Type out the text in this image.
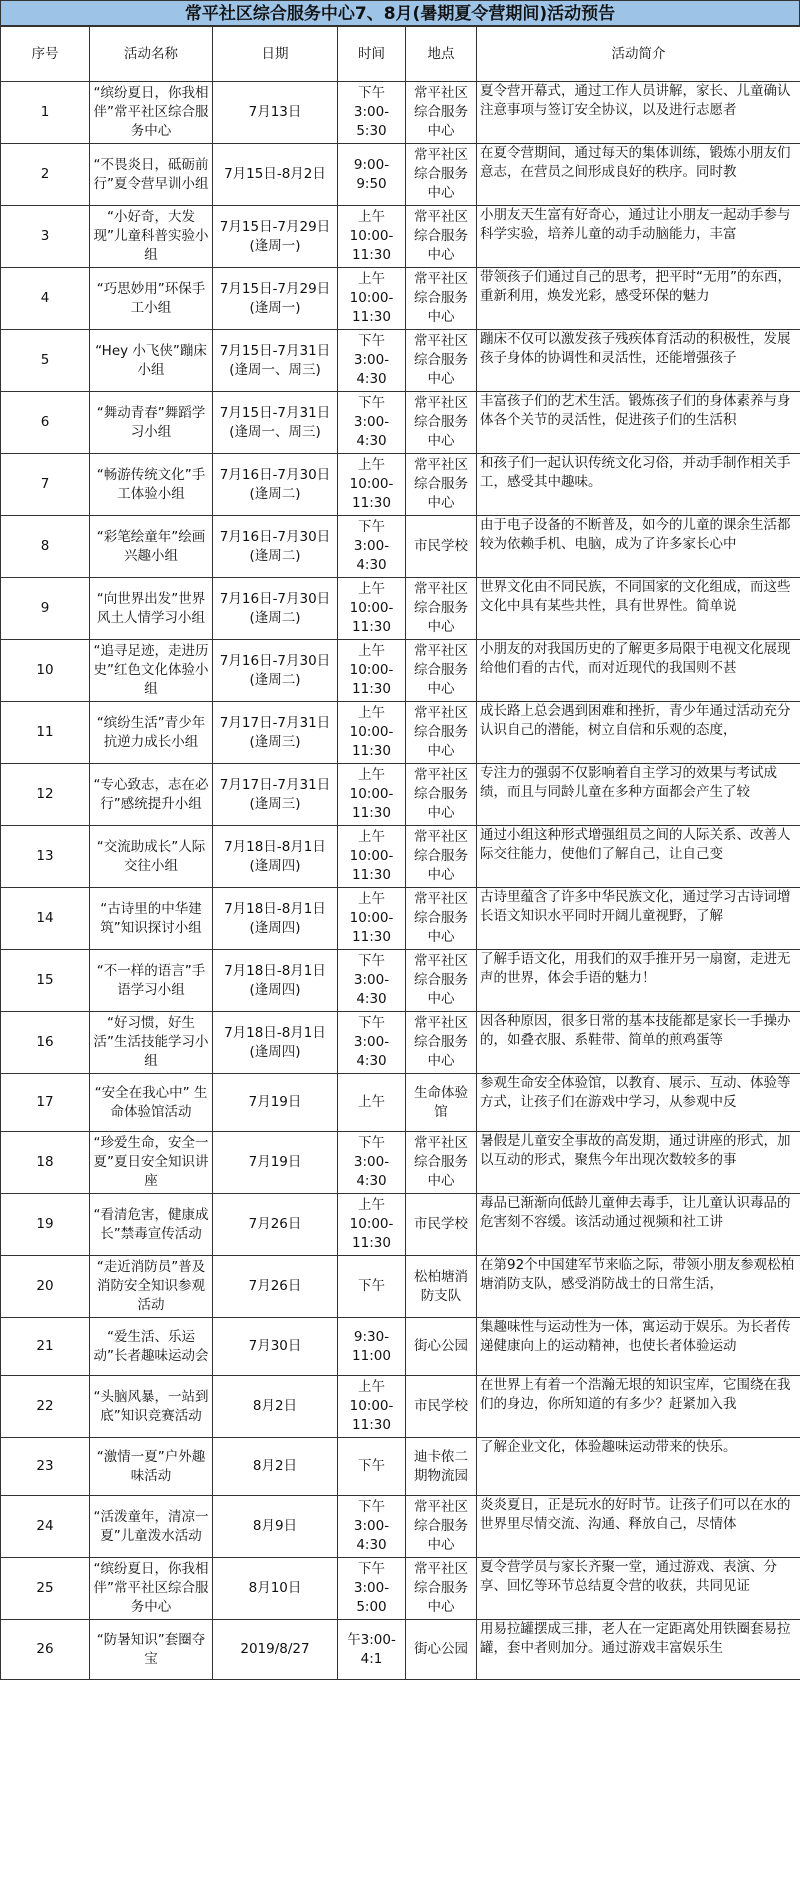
常平社区综合服务中心7、8月(暑期夏令营期间)活动预告
序号	活动名称	日期	时间	地点	活动简介
1	“缤纷夏日，你我相伴”常平社区综合服务中心	7月13日	下午3:00-5:30	常平社区综合服务中心	夏令营开幕式，通过工作人员讲解，家长、儿童确认注意事项与签订安全协议，以及进行志愿者

2	“不畏炎日，砥砺前行”夏令营早训小组	7月15日-8月2日	9:00-9:50	常平社区综合服务中心	在夏令营期间，通过每天的集体训练，锻炼小朋友们意志，在营员之间形成良好的秩序。同时教

3	“小好奇，大发现”儿童科普实验小组	7月15日-7月29日(逢周一)	上午10:00-11:30	常平社区综合服务中心	小朋友天生富有好奇心，通过让小朋友一起动手参与科学实验，培养儿童的动手动脑能力，丰富

4	“巧思妙用”环保手工小组	7月15日-7月29日(逢周一)	上午10:00-11:30	常平社区综合服务中心	带领孩子们通过自己的思考，把平时“无用”的东西，重新利用，焕发光彩，感受环保的魅力

5	“Hey 小飞侠”蹦床小组	7月15日-7月31日(逢周一、周三)	下午3:00-4:30	常平社区综合服务中心	蹦床不仅可以激发孩子残疾体育活动的积极性，发展孩子身体的协调性和灵活性，还能增强孩子

6	“舞动青春”舞蹈学习小组	7月15日-7月31日(逢周一、周三)	下午3:00-4:30	常平社区综合服务中心	丰富孩子们的艺术生活。锻炼孩子们的身体素养与身体各个关节的灵活性，促进孩子们的生活积

7	“畅游传统文化”手工体验小组	7月16日-7月30日(逢周二)	上午10:00-11:30	常平社区综合服务中心	和孩子们一起认识传统文化习俗，并动手制作相关手工，感受其中趣味。

8	“彩笔绘童年”绘画兴趣小组	7月16日-7月30日(逢周二)	下午3:00-4:30	市民学校	由于电子设备的不断普及，如今的儿童的课余生活都较为依赖手机、电脑，成为了许多家长心中

9	“向世界出发”世界风土人情学习小组	7月16日-7月30日(逢周二)	上午10:00-11:30	常平社区综合服务中心	世界文化由不同民族，不同国家的文化组成，而这些文化中具有某些共性，具有世界性。简单说

10	“追寻足迹，走进历史”红色文化体验小组	7月16日-7月30日(逢周二)	上午10:00-11:30	常平社区综合服务中心	小朋友的对我国历史的了解更多局限于电视文化展现给他们看的古代，而对近现代的我国则不甚

11	“缤纷生活”青少年抗逆力成长小组	7月17日-7月31日(逢周三)	上午10:00-11:30	常平社区综合服务中心	成长路上总会遇到困难和挫折，青少年通过活动充分认识自己的潜能，树立自信和乐观的态度，

12	“专心致志，志在必行”感统提升小组	7月17日-7月31日(逢周三)	上午10:00-11:30	常平社区综合服务中心	专注力的强弱不仅影响着自主学习的效果与考试成绩，而且与同龄儿童在多种方面都会产生了较

13	“交流助成长”人际交往小组	7月18日-8月1日(逢周四)	上午10:00-11:30	常平社区综合服务中心	通过小组这种形式增强组员之间的人际关系、改善人际交往能力，使他们了解自己，让自己变

14	“古诗里的中华建筑”知识探讨小组	7月18日-8月1日(逢周四)	上午10:00-11:30	常平社区综合服务中心	古诗里蕴含了许多中华民族文化，通过学习古诗词增长语文知识水平同时开阔儿童视野，了解

15	“不一样的语言”手语学习小组	7月18日-8月1日(逢周四)	下午3:00-4:30	常平社区综合服务中心	了解手语文化，用我们的双手推开另一扇窗，走进无声的世界，体会手语的魅力！

16	“好习惯，好生活”生活技能学习小组	7月18日-8月1日(逢周四)	下午3:00-4:30	常平社区综合服务中心	因各种原因，很多日常的基本技能都是家长一手操办的，如叠衣服、系鞋带、简单的煎鸡蛋等

17	“安全在我心中” 生命体验馆活动	7月19日	上午	生命体验馆	参观生命安全体验馆，以教育、展示、互动、体验等方式，让孩子们在游戏中学习，从参观中反

18	“珍爱生命，安全一夏”夏日安全知识讲座	7月19日	下午3:00-4:30	常平社区综合服务中心	暑假是儿童安全事故的高发期，通过讲座的形式，加以互动的形式，聚焦今年出现次数较多的事

19	“看清危害，健康成长”禁毒宣传活动	7月26日	上午10:00-11:30	市民学校	毒品已渐渐向低龄儿童伸去毒手，让儿童认识毒品的危害刻不容缓。该活动通过视频和社工讲

20	“走近消防员”普及消防安全知识参观活动	7月26日	下午	松柏塘消防支队	在第92个中国建军节来临之际，带领小朋友参观松柏塘消防支队，感受消防战士的日常生活，

21	“爱生活、乐运动”长者趣味运动会	7月30日	9:30-11:00	街心公园	集趣味性与运动性为一体，寓运动于娱乐。为长者传递健康向上的运动精神，也使长者体验运动

22	“头脑风暴，一站到底”知识竞赛活动	8月2日	上午10:00-11:30	市民学校	在世界上有着一个浩瀚无垠的知识宝库，它围绕在我们的身边，你所知道的有多少？赶紧加入我

23	“激情一夏”户外趣味活动	8月2日	下午	迪卡侬二期物流园	了解企业文化，体验趣味运动带来的快乐。

24	“活泼童年，清凉一夏”儿童泼水活动	8月9日	下午3:00-4:30	常平社区综合服务中心	炎炎夏日，正是玩水的好时节。让孩子们可以在水的世界里尽情交流、沟通、释放自己，尽情体

25	“缤纷夏日，你我相伴”常平社区综合服务中心	8月10日	下午3:00-5:00	常平社区综合服务中心	夏令营学员与家长齐聚一堂，通过游戏、表演、分享、回忆等环节总结夏令营的收获，共同见证

26	“防暑知识”套圈夺宝	2019/8/27	午3:00-4:1	街心公园	用易拉罐摆成三排，老人在一定距离处用铁圈套易拉罐，套中者则加分。通过游戏丰富娱乐生
